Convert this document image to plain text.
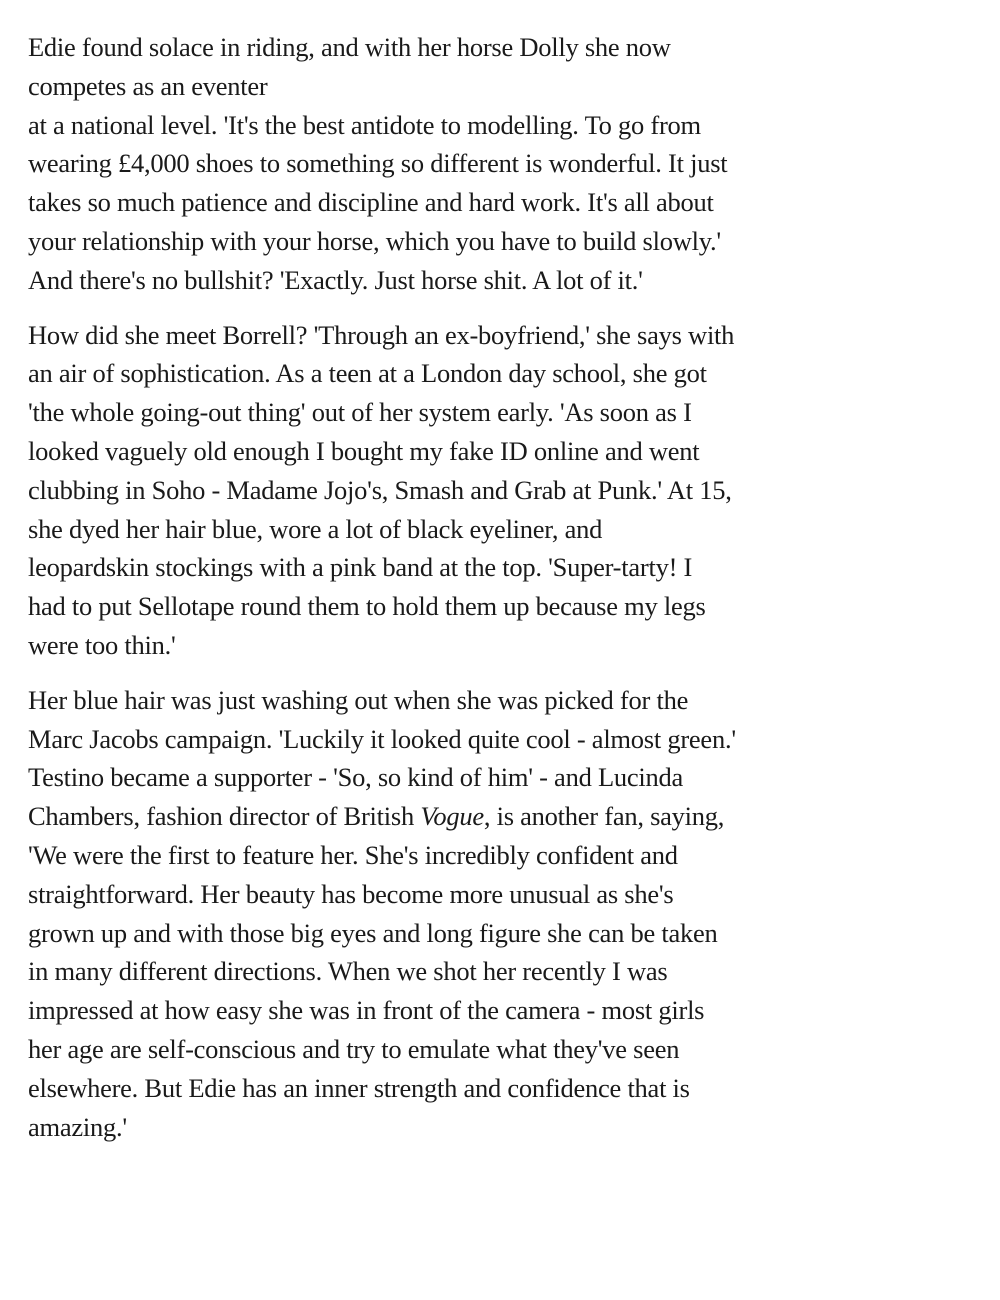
Edie found solace in riding, and with her horse Dolly she now
competes as an eventer
at a national level. 'It's the best antidote to modelling. To go from
wearing £4,000 shoes to something so different is wonderful. It just
takes so much patience and discipline and hard work. It's all about
your relationship with your horse, which you have to build slowly.'
And there's no bullshit? 'Exactly. Just horse shit. A lot of it.'

How did she meet Borrell? 'Through an ex-boyfriend,' she says with
an air of sophistication. As a teen at a London day school, she got
'the whole going-out thing' out of her system early. 'As soon as I
looked vaguely old enough I bought my fake ID online and went
clubbing in Soho - Madame Jojo's, Smash and Grab at Punk.' At 15,
she dyed her hair blue, wore a lot of black eyeliner, and
leopardskin stockings with a pink band at the top. 'Super-tarty! I
had to put Sellotape round them to hold them up because my legs
were too thin.'

Her blue hair was just washing out when she was picked for the
Marc Jacobs campaign. 'Luckily it looked quite cool - almost green.'
Testino became a supporter - 'So, so kind of him' - and Lucinda
Chambers, fashion director of British Vogue, is another fan, saying,
'We were the first to feature her. She's incredibly confident and
straightforward. Her beauty has become more unusual as she's
grown up and with those big eyes and long figure she can be taken
in many different directions. When we shot her recently I was
impressed at how easy she was in front of the camera - most girls
her age are self-conscious and try to emulate what they've seen
elsewhere. But Edie has an inner strength and confidence that is
amazing.'
